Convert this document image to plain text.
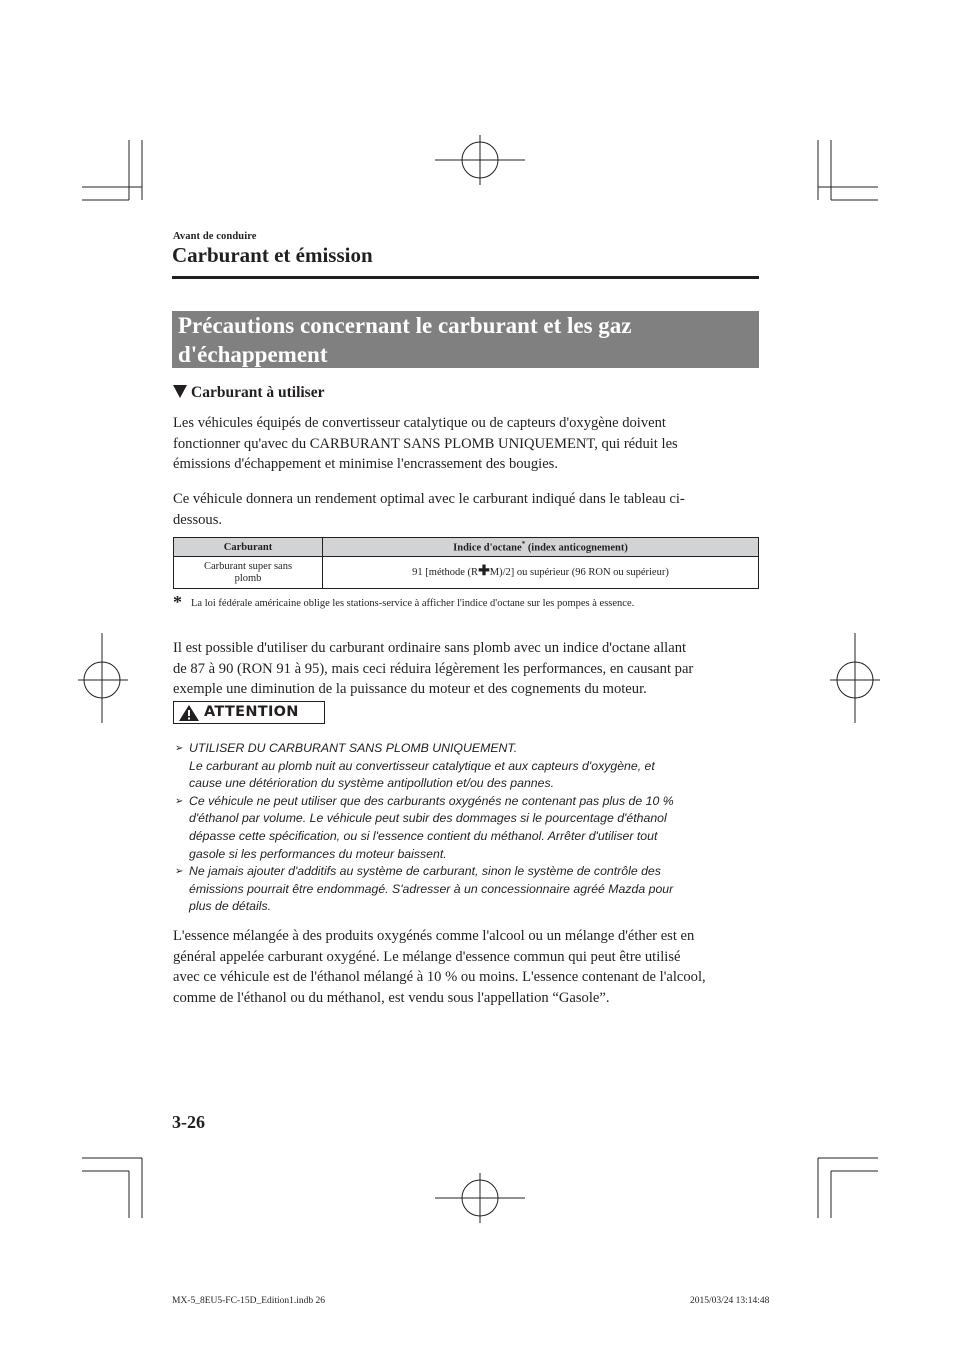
Avant de conduire
Carburant et émission
Précautions concernant le carburant et les gaz
d'échappement
Carburant à utiliser
Les véhicules équipés de convertisseur catalytique ou de capteurs d'oxygène doivent
fonctionner qu'avec du CARBURANT SANS PLOMB UNIQUEMENT, qui réduit les
émissions d'échappement et minimise l'encrassement des bougies.
Ce véhicule donnera un rendement optimal avec le carburant indiqué dans le tableau ci-
dessous.
Carburant	Indice d'octane* (index anticognement)

Carburant super sans
plomb	91 [méthode (R✚M)/2] ou supérieur (96 RON ou supérieur)
* La loi fédérale américaine oblige les stations-service à afficher l'indice d'octane sur les pompes à essence.
Il est possible d'utiliser du carburant ordinaire sans plomb avec un indice d'octane allant
de 87 à 90 (RON 91 à 95), mais ceci réduira légèrement les performances, en causant par
exemple une diminution de la puissance du moteur et des cognements du moteur.
ATTENTION
➢ UTILISER DU CARBURANT SANS PLOMB UNIQUEMENT.
Le carburant au plomb nuit au convertisseur catalytique et aux capteurs d'oxygène, et
cause une détérioration du système antipollution et/ou des pannes.
➢ Ce véhicule ne peut utiliser que des carburants oxygénés ne contenant pas plus de 10 %
d'éthanol par volume. Le véhicule peut subir des dommages si le pourcentage d'éthanol
dépasse cette spécification, ou si l'essence contient du méthanol. Arrêter d'utiliser tout
gasole si les performances du moteur baissent.
➢ Ne jamais ajouter d'additifs au système de carburant, sinon le système de contrôle des
émissions pourrait être endommagé. S'adresser à un concessionnaire agréé Mazda pour
plus de détails.
L'essence mélangée à des produits oxygénés comme l'alcool ou un mélange d'éther est en
général appelée carburant oxygéné. Le mélange d'essence commun qui peut être utilisé
avec ce véhicule est de l'éthanol mélangé à 10 % ou moins. L'essence contenant de l'alcool,
comme de l'éthanol ou du méthanol, est vendu sous l'appellation “Gasole”.
3-26
MX-5_8EU5-FC-15D_Edition1.indb 26	2015/03/24 13:14:48
